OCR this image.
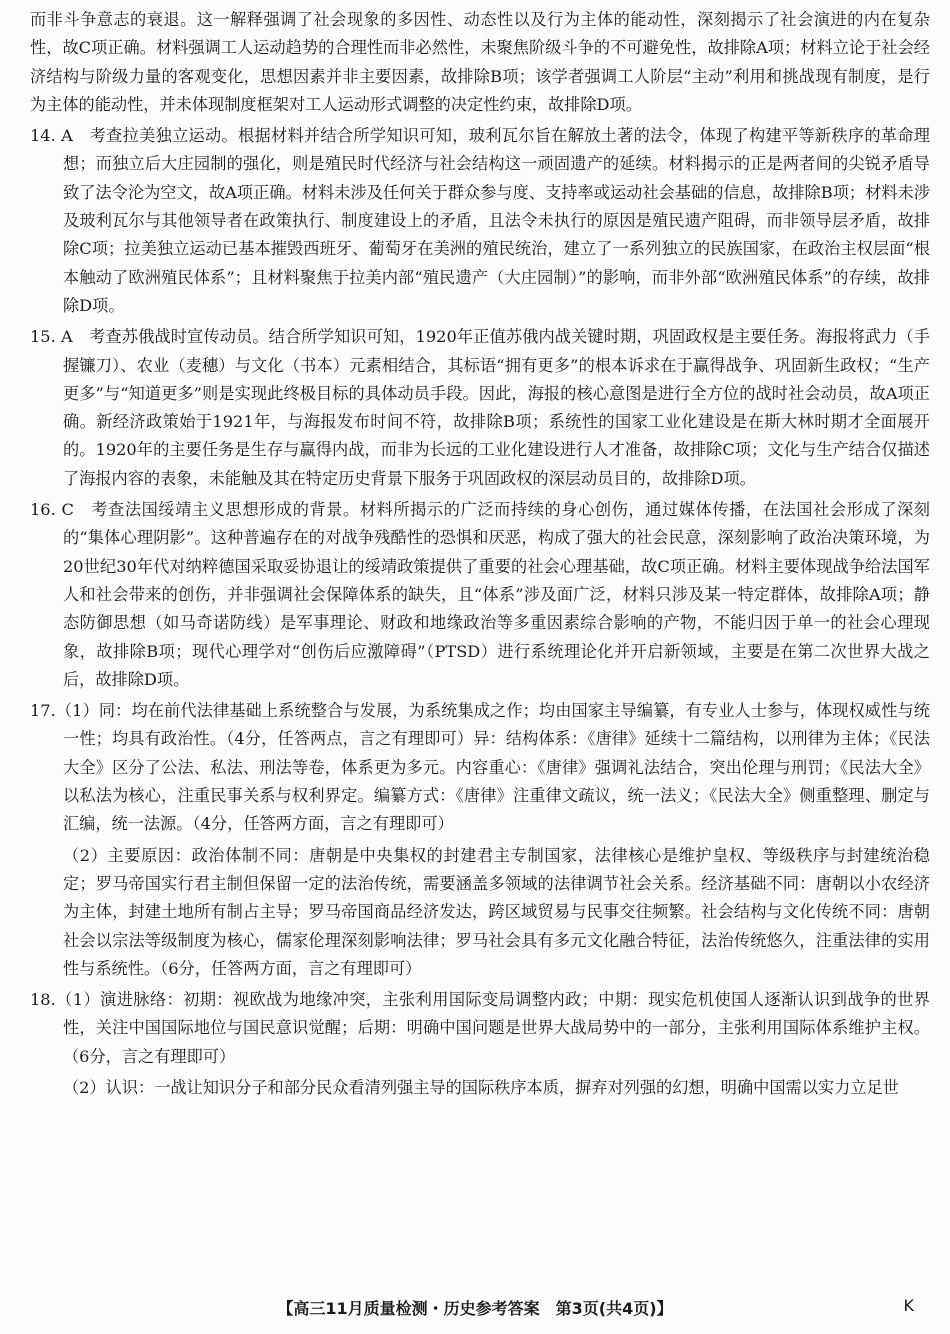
而非斗争意志的衰退。这一解释强调了社会现象的多因性、动态性以及行为主体的能动性，深刻揭示了社会演进的内在复杂性，故C项正确。材料强调工人运动趋势的合理性而非必然性，未聚焦阶级斗争的不可避免性，故排除A项；材料立论于社会经济结构与阶级力量的客观变化，思想因素并非主要因素，故排除B项；该学者强调工人阶层“主动”利用和挑战现有制度，是行为主体的能动性，并未体现制度框架对工人运动形式调整的决定性约束，故排除D项。

14. A　考查拉美独立运动。根据材料并结合所学知识可知，玻利瓦尔旨在解放土著的法令，体现了构建平等新秩序的革命理想；而独立后大庄园制的强化，则是殖民时代经济与社会结构这一顽固遗产的延续。材料揭示的正是两者间的尖锐矛盾导致了法令沦为空文，故A项正确。材料未涉及任何关于群众参与度、支持率或运动社会基础的信息，故排除B项；材料未涉及玻利瓦尔与其他领导者在政策执行、制度建设上的矛盾，且法令未执行的原因是殖民遗产阻碍，而非领导层矛盾，故排除C项；拉美独立运动已基本摧毁西班牙、葡萄牙在美洲的殖民统治，建立了一系列独立的民族国家，在政治主权层面“根本触动了欧洲殖民体系”；且材料聚焦于拉美内部“殖民遗产（大庄园制）”的影响，而非外部“欧洲殖民体系”的存续，故排除D项。

15. A　考查苏俄战时宣传动员。结合所学知识可知，1920年正值苏俄内战关键时期，巩固政权是主要任务。海报将武力（手握镰刀）、农业（麦穗）与文化（书本）元素相结合，其标语“拥有更多”的根本诉求在于赢得战争、巩固新生政权；“生产更多”与“知道更多”则是实现此终极目标的具体动员手段。因此，海报的核心意图是进行全方位的战时社会动员，故A项正确。新经济政策始于1921年，与海报发布时间不符，故排除B项；系统性的国家工业化建设是在斯大林时期才全面展开的。1920年的主要任务是生存与赢得内战，而非为长远的工业化建设进行人才准备，故排除C项；文化与生产结合仅描述了海报内容的表象，未能触及其在特定历史背景下服务于巩固政权的深层动员目的，故排除D项。

16. C　考查法国绥靖主义思想形成的背景。材料所揭示的广泛而持续的身心创伤，通过媒体传播，在法国社会形成了深刻的“集体心理阴影”。这种普遍存在的对战争残酷性的恐惧和厌恶，构成了强大的社会民意，深刻影响了政治决策环境，为20世纪30年代对纳粹德国采取妥协退让的绥靖政策提供了重要的社会心理基础，故C项正确。材料主要体现战争给法国军人和社会带来的创伤，并非强调社会保障体系的缺失，且“体系”涉及面广泛，材料只涉及某一特定群体，故排除A项；静态防御思想（如马奇诺防线）是军事理论、财政和地缘政治等多重因素综合影响的产物，不能归因于单一的社会心理现象，故排除B项；现代心理学对“创伤后应激障碍”（PTSD）进行系统理论化并开启新领域，主要是在第二次世界大战之后，故排除D项。

17.（1）同：均在前代法律基础上系统整合与发展，为系统集成之作；均由国家主导编纂，有专业人士参与，体现权威性与统一性；均具有政治性。（4分，任答两点，言之有理即可）异：结构体系：《唐律》延续十二篇结构，以刑律为主体；《民法大全》区分了公法、私法、刑法等卷，体系更为多元。内容重心：《唐律》强调礼法结合，突出伦理与刑罚；《民法大全》以私法为核心，注重民事关系与权利界定。编纂方式：《唐律》注重律文疏议，统一法义；《民法大全》侧重整理、删定与汇编，统一法源。（4分，任答两方面，言之有理即可）

（2）主要原因：政治体制不同：唐朝是中央集权的封建君主专制国家，法律核心是维护皇权、等级秩序与封建统治稳定；罗马帝国实行君主制但保留一定的法治传统，需要涵盖多领域的法律调节社会关系。经济基础不同：唐朝以小农经济为主体，封建土地所有制占主导；罗马帝国商品经济发达，跨区域贸易与民事交往频繁。社会结构与文化传统不同：唐朝社会以宗法等级制度为核心，儒家伦理深刻影响法律；罗马社会具有多元文化融合特征，法治传统悠久，注重法律的实用性与系统性。（6分，任答两方面，言之有理即可）

18.（1）演进脉络：初期：视欧战为地缘冲突，主张利用国际变局调整内政；中期：现实危机使国人逐渐认识到战争的世界性，关注中国国际地位与国民意识觉醒；后期：明确中国问题是世界大战局势中的一部分，主张利用国际体系维护主权。（6分，言之有理即可）

（2）认识：一战让知识分子和部分民众看清列强主导的国际秩序本质，摒弃对列强的幻想，明确中国需以实力立足世

【高三11月质量检测・历史参考答案　第3页(共4页)】	K
